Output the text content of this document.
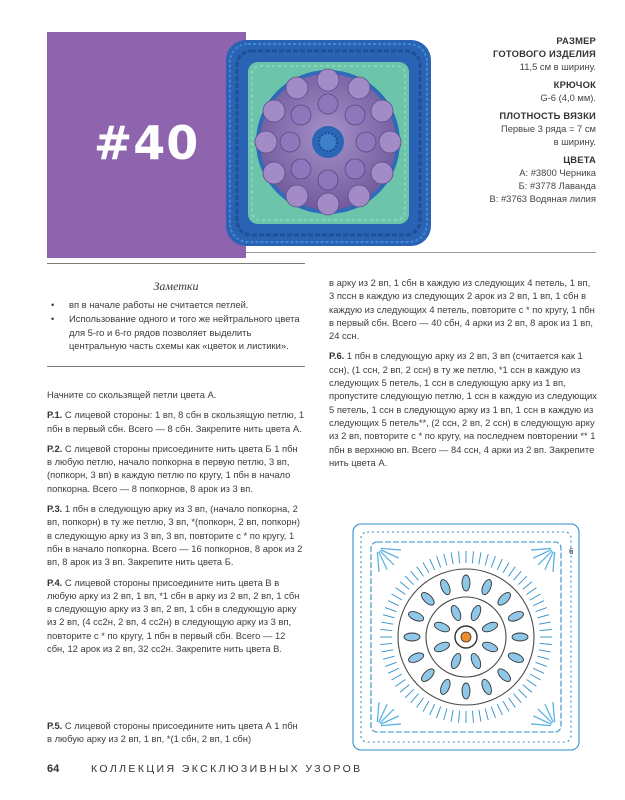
#40
РАЗМЕР
ГОТОВОГО ИЗДЕЛИЯ
11,5 см в ширину.
КРЮЧОК
G-6 (4,0 мм).
ПЛОТНОСТЬ ВЯЗКИ
Первые 3 ряда = 7 см
в ширину.
ЦВЕТА
А: #3800 Черника
Б: #3778 Лаванда
В: #3763 Водяная лилия
Заметки
• вп в начале работы не считается петлей.
• Использование одного и того же нейтрального цвета для 5-го и 6-го рядов позволяет выделить центральную часть схемы как «цветок и листики».

Начните со скользящей петли цвета А.

Р.1. С лицевой стороны: 1 вп, 8 сбн в скользящую петлю, 1 пбн в первый сбн. Всего — 8 сбн. Закрепите нить цвета А.

Р.2. С лицевой стороны присоедините нить цвета Б 1 пбн в любую петлю, начало попкорна в первую петлю, 3 вп, (попкорн, 3 вп) в каждую петлю по кругу, 1 пбн в начало попкорна. Всего — 8 попкорнов, 8 арок из 3 вп.

Р.3. 1 пбн в следующую арку из 3 вп, (начало попкорна, 2 вп, попкорн) в ту же петлю, 3 вп, *(попкорн, 2 вп, попкорн) в следующую арку из 3 вп, 3 вп, повторите с * по кругу, 1 пбн в начало попкорна. Всего — 16 попкорнов, 8 арок из 2 вп, 8 арок из 3 вп. Закрепите нить цвета Б.

Р.4. С лицевой стороны присоедините нить цвета В в любую арку из 2 вп, 1 вп, *1 сбн в арку из 2 вп, 2 вп, 1 сбн в следующую арку из 3 вп, 2 вп, 1 сбн в следующую арку из 2 вп, (4 сс2н, 2 вп, 4 сс2н) в следующую арку из 3 вп, повторите с * по кругу, 1 пбн в первый сбн. Всего — 12 сбн, 12 арок из 2 вп, 32 сс2н. Закрепите нить цвета В.

Р.5. С лицевой стороны присоедините нить цвета А 1 пбн в любую арку из 2 вп, 1 вп, *(1 сбн, 2 вп, 1 сбн)

в арку из 2 вп, 1 сбн в каждую из следующих 4 петель, 1 вп, 3 пссн в каждую из следующих 2 арок из 2 вп, 1 вп, 1 сбн в каждую из следующих 4 петель, повторите с * по кругу, 1 пбн в первый сбн. Всего — 40 сбн, 4 арки из 2 вп, 8 арок из 1 вп, 24 ссн.

Р.6. 1 пбн в следующую арку из 2 вп, 3 вп (считается как 1 ссн), (1 ссн, 2 вп, 2 ссн) в ту же петлю, *1 ссн в каждую из следующих 5 петель, 1 ссн в следующую арку из 1 вп, пропустите следующую петлю, 1 ссн в каждую из следующих 5 петель, 1 ссн в следующую арку из 1 вп, 1 ссн в каждую из следующих 5 петель**, (2 ссн, 2 вп, 2 ссн) в следующую арку из 2 вп, повторите с * по кругу, на последнем повторении ** 1 пбн в верхнюю вп. Всего — 84 ссн, 4 арки из 2 вп. Закрепите нить цвета А.

6
64	КОЛЛЕКЦИЯ ЭКСКЛЮЗИВНЫХ УЗОРОВ
PassionForum.ru
